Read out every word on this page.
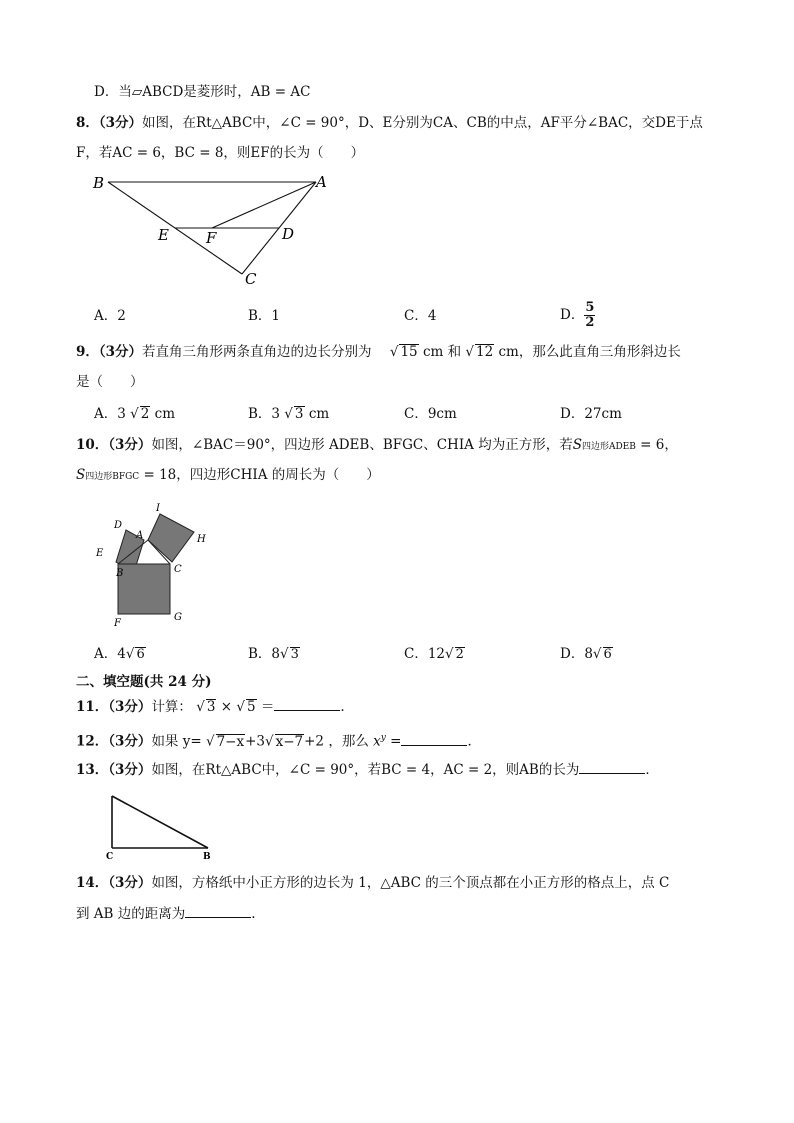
D．当▱ABCD是菱形时，AB = AC
8．（3分）如图，在Rt△ABC中，∠C = 90°，D、E分别为CA、CB的中点，AF平分∠BAC，交DE于点
F，若AC = 6，BC = 8，则EF的长为（　　）
B	A
E F	D
C
A．2	B．1	C．4	D． $\frac{5}{2}$
9．（3分）若直角三角形两条直角边的边长分别为 √ 15 cm 和 √ 12 cm，那么此直角三角形斜边长
是（　　）
A．3 √ 2 cm	B．3 √ 3 cm	C．9cm	D．27cm
10．（3分）如图，∠BAC＝90°，四边形 ADEB、BFGC、CHIA 均为正方形，若S四边形ADEB = 6，
S四边形BFGC = 18，四边形CHIA 的周长为（　　）
D
I
A	H
E
B	C
F
G
A．4√ 6	B．8√ 3	C．12√ 2	D．8√ 6
二、填空题(共 24 分)
11．（3分）计算： √ 3 × √ 5 ＝	.
12．（3分）如果 y= √ 7−x+3√ x−7+2 ，那么 $x^y$ =	．
13．（3分）如图，在Rt△ABC中，∠C = 90°，若BC = 4，AC = 2，则AB的长为	．
C	B
14．（3分）如图，方格纸中小正方形的边长为 1，△ABC 的三个顶点都在小正方形的格点上，点 C
到 AB 边的距离为	.
